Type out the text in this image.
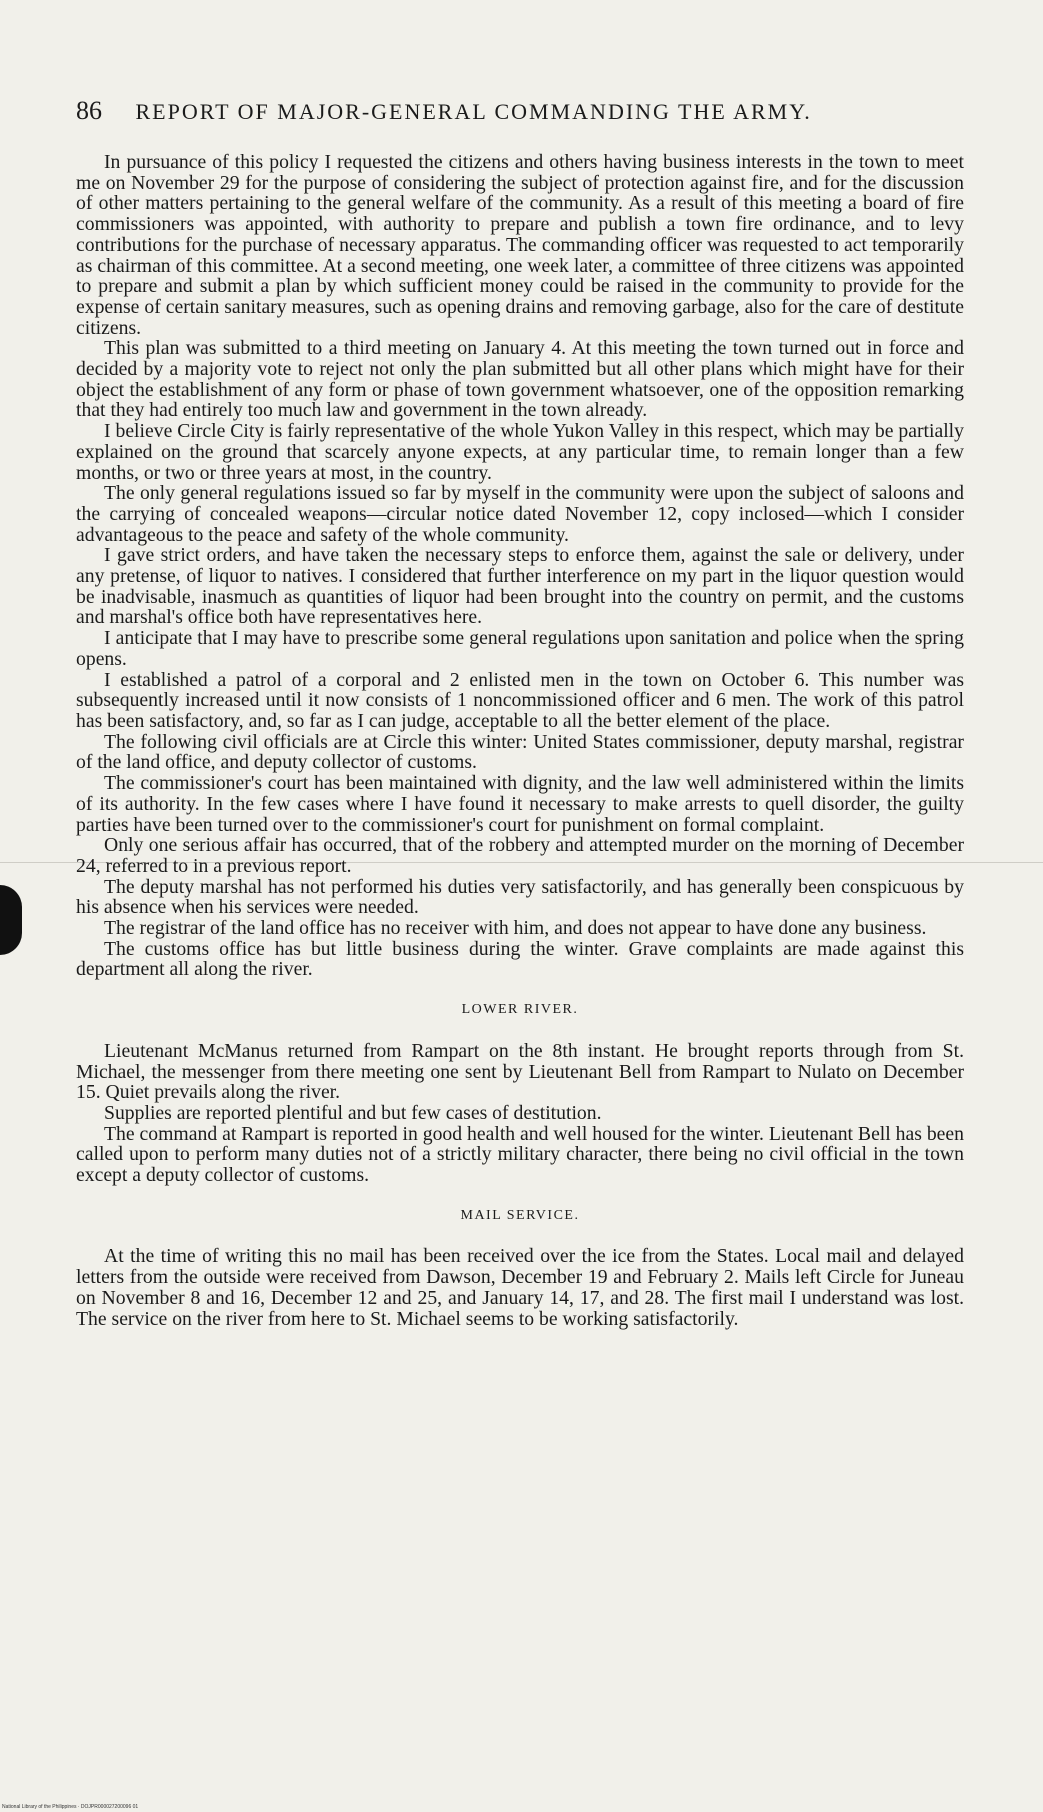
86 REPORT OF MAJOR-GENERAL COMMANDING THE ARMY.

In pursuance of this policy I requested the citizens and others having business interests in the town to meet me on November 29 for the purpose of considering the subject of protection against fire, and for the discussion of other matters pertaining to the general welfare of the community. As a result of this meeting a board of fire commissioners was appointed, with authority to prepare and publish a town fire ordinance, and to levy contributions for the purchase of necessary apparatus. The commanding officer was requested to act temporarily as chairman of this committee. At a second meeting, one week later, a committee of three citizens was appointed to prepare and submit a plan by which sufficient money could be raised in the community to provide for the expense of certain sanitary measures, such as opening drains and removing garbage, also for the care of destitute citizens.

This plan was submitted to a third meeting on January 4. At this meeting the town turned out in force and decided by a majority vote to reject not only the plan submitted but all other plans which might have for their object the establishment of any form or phase of town government whatsoever, one of the opposition remarking that they had entirely too much law and government in the town already.

I believe Circle City is fairly representative of the whole Yukon Valley in this respect, which may be partially explained on the ground that scarcely anyone expects, at any particular time, to remain longer than a few months, or two or three years at most, in the country.

The only general regulations issued so far by myself in the community were upon the subject of saloons and the carrying of concealed weapons—circular notice dated November 12, copy inclosed—which I consider advantageous to the peace and safety of the whole community.

I gave strict orders, and have taken the necessary steps to enforce them, against the sale or delivery, under any pretense, of liquor to natives. I considered that further interference on my part in the liquor question would be inadvisable, inasmuch as quantities of liquor had been brought into the country on permit, and the customs and marshal's office both have representatives here.

I anticipate that I may have to prescribe some general regulations upon sanitation and police when the spring opens.

I established a patrol of a corporal and 2 enlisted men in the town on October 6. This number was subsequently increased until it now consists of 1 noncommissioned officer and 6 men. The work of this patrol has been satisfactory, and, so far as I can judge, acceptable to all the better element of the place.

The following civil officials are at Circle this winter: United States commissioner, deputy marshal, registrar of the land office, and deputy collector of customs.

The commissioner's court has been maintained with dignity, and the law well administered within the limits of its authority. In the few cases where I have found it necessary to make arrests to quell disorder, the guilty parties have been turned over to the commissioner's court for punishment on formal complaint.

Only one serious affair has occurred, that of the robbery and attempted murder on the morning of December 24, referred to in a previous report.

The deputy marshal has not performed his duties very satisfactorily, and has generally been conspicuous by his absence when his services were needed.

The registrar of the land office has no receiver with him, and does not appear to have done any business.

The customs office has but little business during the winter. Grave complaints are made against this department all along the river.

LOWER RIVER.

Lieutenant McManus returned from Rampart on the 8th instant. He brought reports through from St. Michael, the messenger from there meeting one sent by Lieutenant Bell from Rampart to Nulato on December 15. Quiet prevails along the river.

Supplies are reported plentiful and but few cases of destitution.

The command at Rampart is reported in good health and well housed for the winter. Lieutenant Bell has been called upon to perform many duties not of a strictly military character, there being no civil official in the town except a deputy collector of customs.

MAIL SERVICE.

At the time of writing this no mail has been received over the ice from the States. Local mail and delayed letters from the outside were received from Dawson, December 19 and February 2. Mails left Circle for Juneau on November 8 and 16, December 12 and 25, and January 14, 17, and 28. The first mail I understand was lost. The service on the river from here to St. Michael seems to be working satisfactorily.

National Library of the Philippines · DOJPR000027200096 01
